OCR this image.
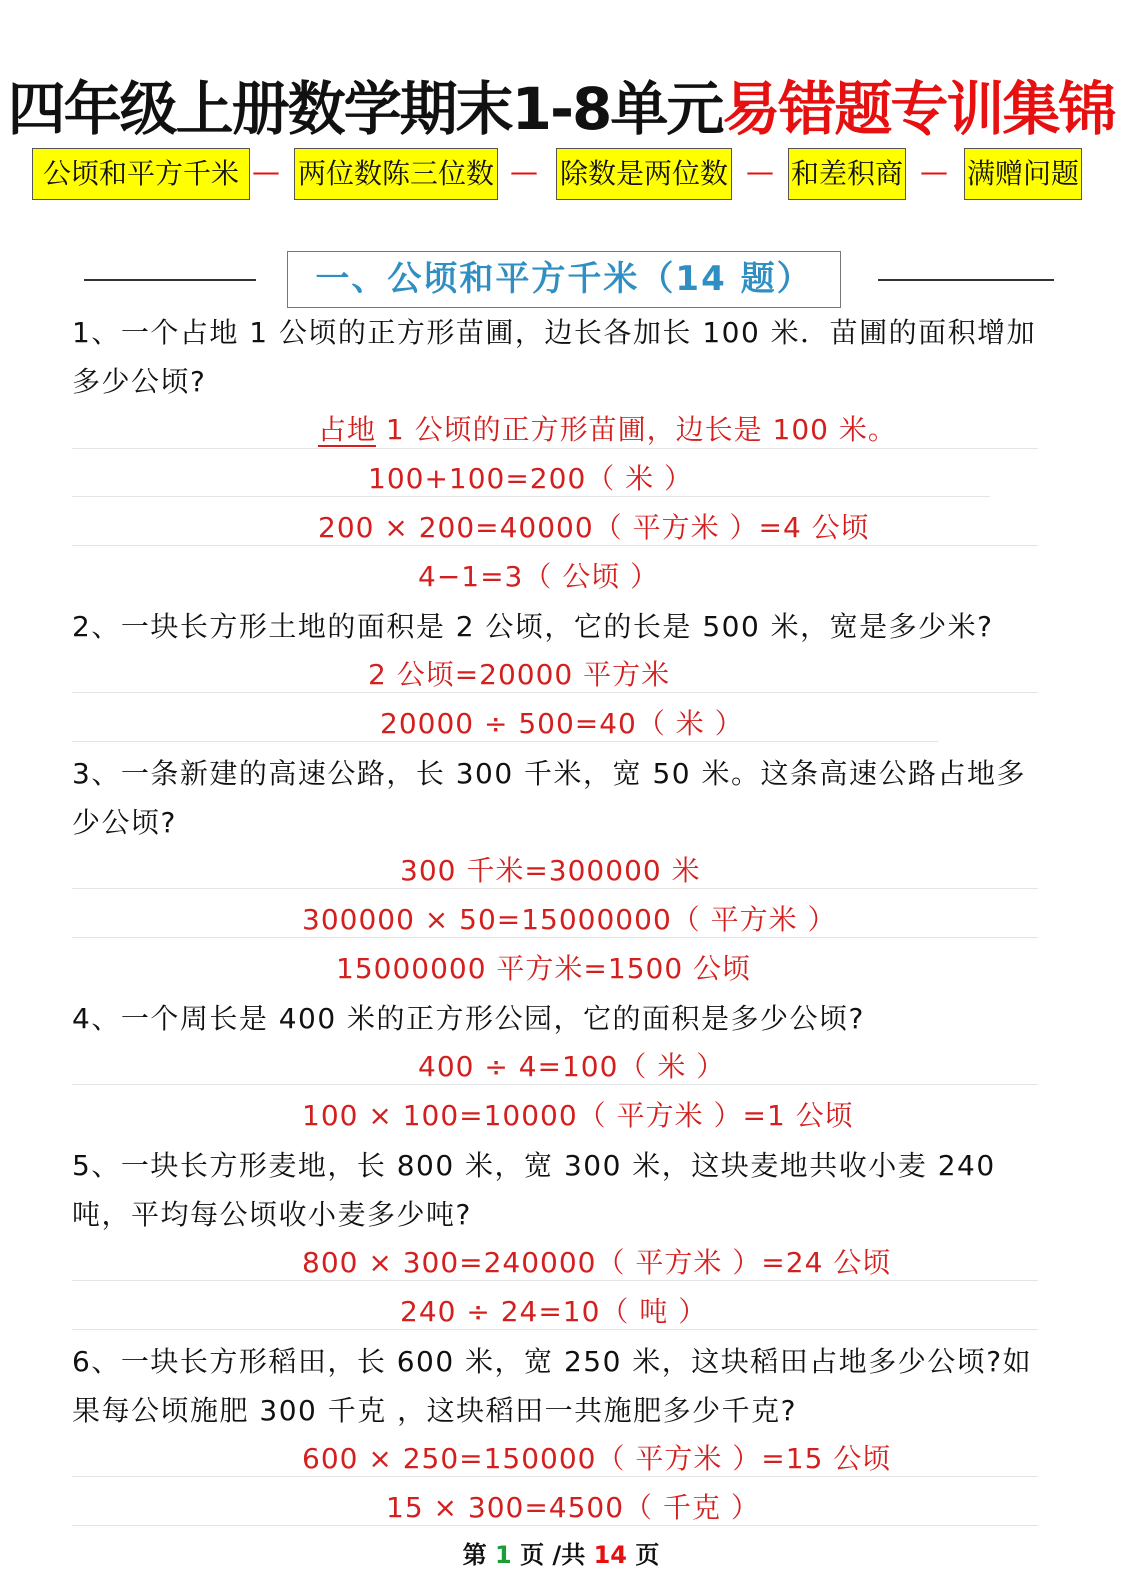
四年级上册数学期末1-8单元易错题专训集锦
公顷和平方千米 — 两位数陈三位数 — 除数是两位数 — 和差积商 — 满赠问题
一、公顷和平方千米（14 题）
1、一个占地 1 公顷的正方形苗圃，边长各加长 100 米．苗圃的面积增加多少公顷?
占地 1 公顷的正方形苗圃，边长是 100 米。
100+100=200（ 米 ）
200 × 200=40000（ 平方米 ）=4 公顷
4−1=3（ 公顷 ）
2、一块长方形土地的面积是 2 公顷，它的长是 500 米，宽是多少米?
2 公顷=20000 平方米
20000 ÷ 500=40（ 米 ）
3、一条新建的高速公路，长 300 千米，宽 50 米。这条高速公路占地多少公顷?
300 千米=300000 米
300000 × 50=15000000（ 平方米 ）
15000000 平方米=1500 公顷
4、一个周长是 400 米的正方形公园，它的面积是多少公顷?
400 ÷ 4=100（ 米 ）
100 × 100=10000（ 平方米 ）=1 公顷
5、一块长方形麦地，长 800 米，宽 300 米，这块麦地共收小麦 240 吨，平均每公顷收小麦多少吨?
800 × 300=240000（ 平方米 ）=24 公顷
240 ÷ 24=10（ 吨 ）
6、一块长方形稻田，长 600 米，宽 250 米，这块稻田占地多少公顷?如果每公顷施肥 300 千克 ，这块稻田一共施肥多少千克?
600 × 250=150000（ 平方米 ）=15 公顷
15 × 300=4500（ 千克 ）
第 1 页 /共 14 页
